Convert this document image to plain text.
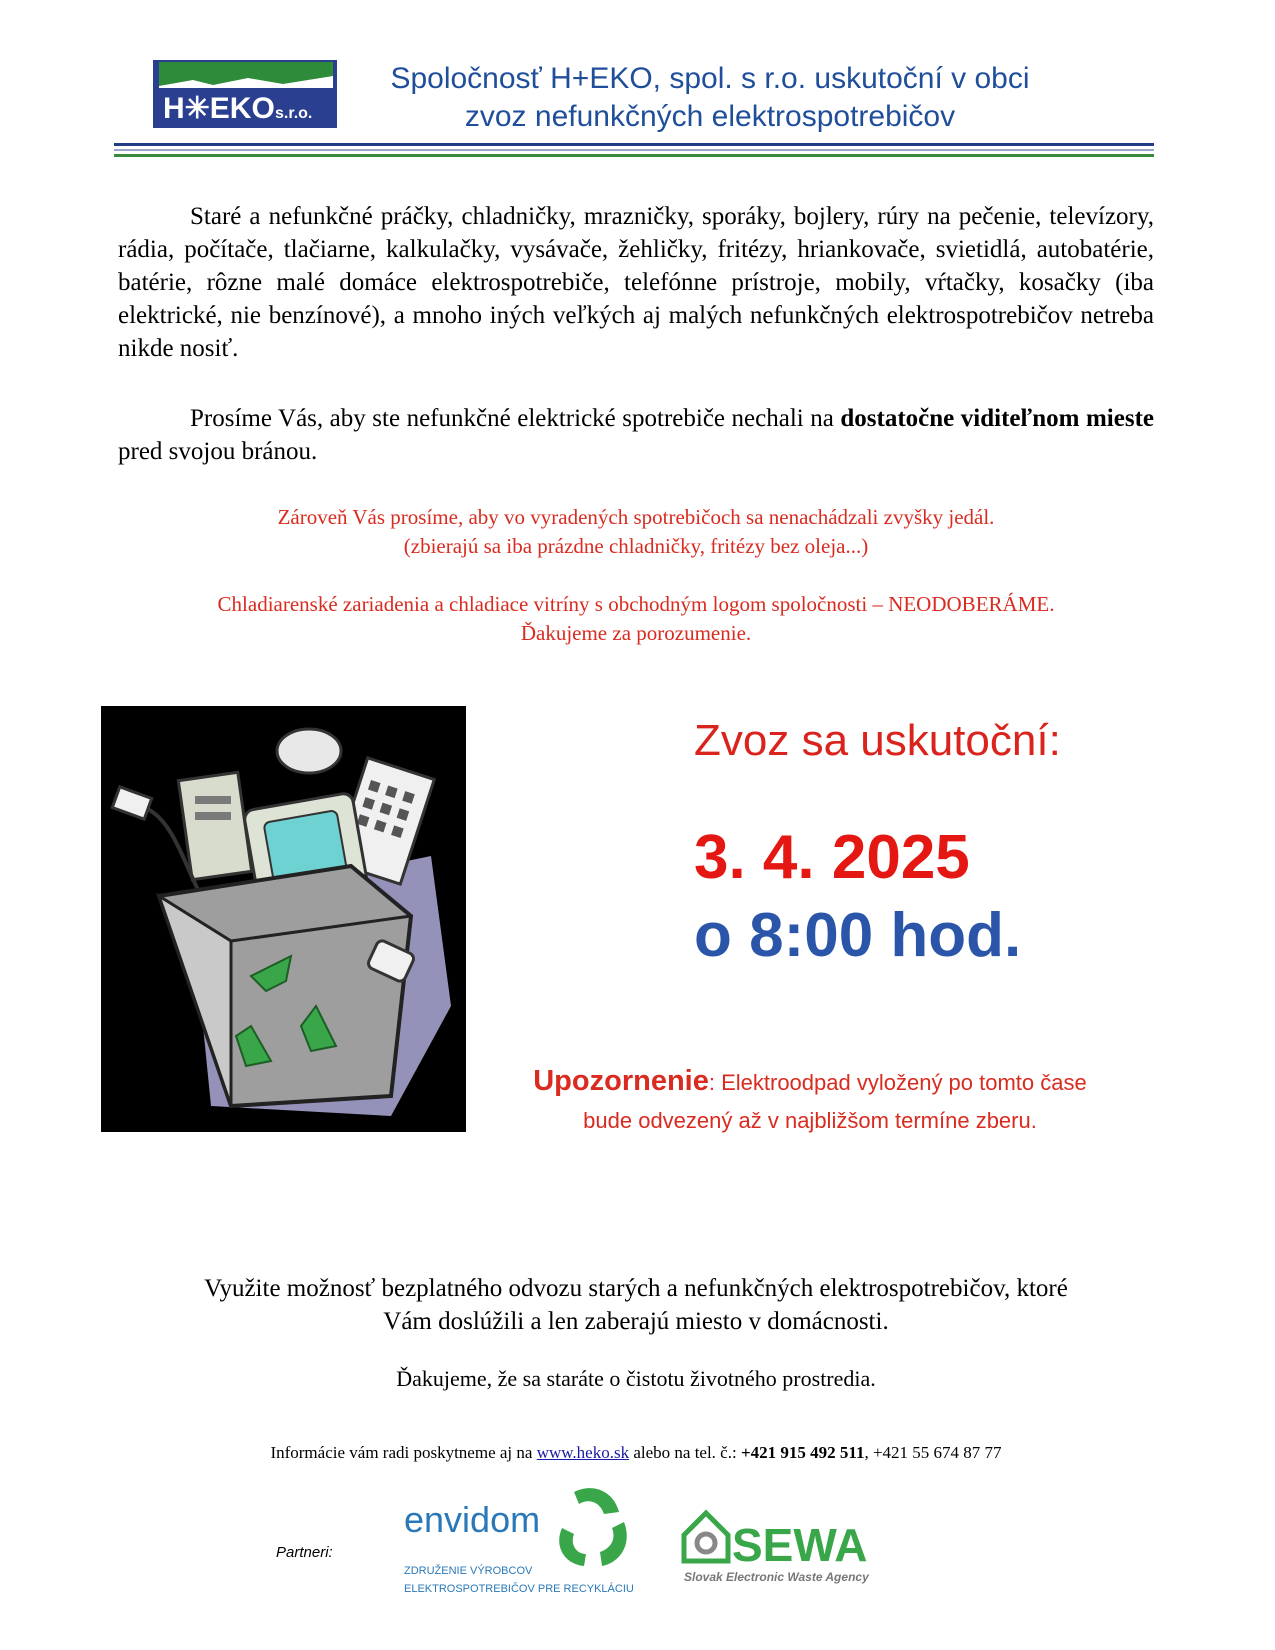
H✳EKO s.r.o.
Spoločnosť H+EKO, spol. s r.o. uskutoční v obci
zvoz nefunkčných elektrospotrebičov
Staré a nefunkčné práčky, chladničky, mrazničky, sporáky, bojlery, rúry na pečenie, televízory, rádia, počítače, tlačiarne, kalkulačky, vysávače, žehličky, fritézy, hriankovače, svietidlá, autobatérie, batérie, rôzne malé domáce elektrospotrebiče, telefónne prístroje, mobily, vŕtačky, kosačky (iba elektrické, nie benzínové), a mnoho iných veľkých aj malých nefunkčných elektrospotrebičov netreba nikde nosiť.
Prosíme Vás, aby ste nefunkčné elektrické spotrebiče nechali na dostatočne viditeľnom mieste pred svojou bránou.
Zároveň Vás prosíme, aby vo vyradených spotrebičoch sa nenachádzali zvyšky jedál.
(zbierajú sa iba prázdne chladničky, fritézy bez oleja...)
Chladiarenské zariadenia a chladiace vitríny s obchodným logom spoločnosti – NEODOBERÁME.
Ďakujeme za porozumenie.
Zvoz sa uskutoční:
3. 4. 2025
o 8:00 hod.
Upozornenie: Elektroodpad vyložený po tomto čase
bude odvezený až v najbližšom termíne zberu.
Využite možnosť bezplatného odvozu starých a nefunkčných elektrospotrebičov, ktoré
Vám doslúžili a len zaberajú miesto v domácnosti.
Ďakujeme, že sa staráte o čistotu životného prostredia.
Informácie vám radi poskytneme aj na www.heko.sk alebo na tel. č.: +421 915 492 511, +421 55 674 87 77
Partneri:
envidom
ZDRUŽENIE VÝROBCOV
ELEKTROSPOTREBIČOV PRE RECYKLÁCIU
SEWA
Slovak Electronic Waste Agency
